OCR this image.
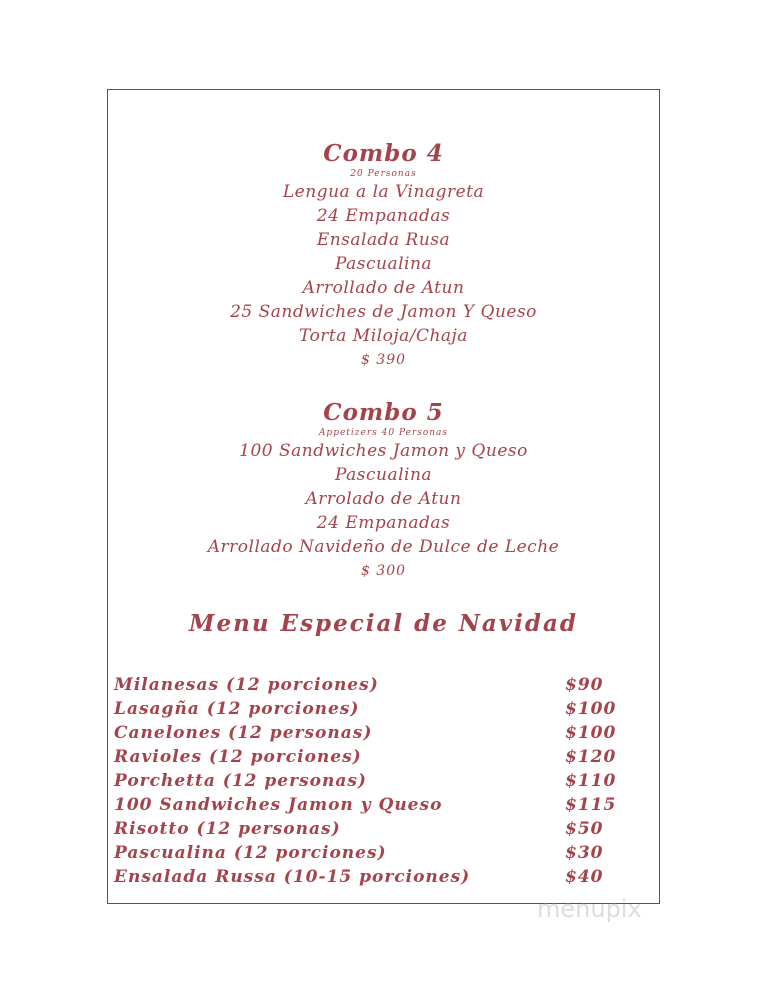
Combo 4
20 Personas
Lengua a la Vinagreta
24 Empanadas
Ensalada Rusa
Pascualina
Arrollado de Atun
25 Sandwiches de Jamon Y Queso
Torta Miloja/Chaja
$ 390
Combo 5
Appetizers 40 Personas
100 Sandwiches Jamon y Queso
Pascualina
Arrolado de Atun
24 Empanadas
Arrollado Navideño de Dulce de Leche
$ 300
Menu Especial de Navidad
Milanesas (12 porciones)	$90
Lasagña (12 porciones)	$100
Canelones (12 personas)	$100
Ravioles (12 porciones)	$120
Porchetta (12 personas)	$110
100 Sandwiches Jamon y Queso	$115
Risotto (12 personas)	$50
Pascualina (12 porciones)	$30
Ensalada Russa (10-15 porciones)	$40
menupix
